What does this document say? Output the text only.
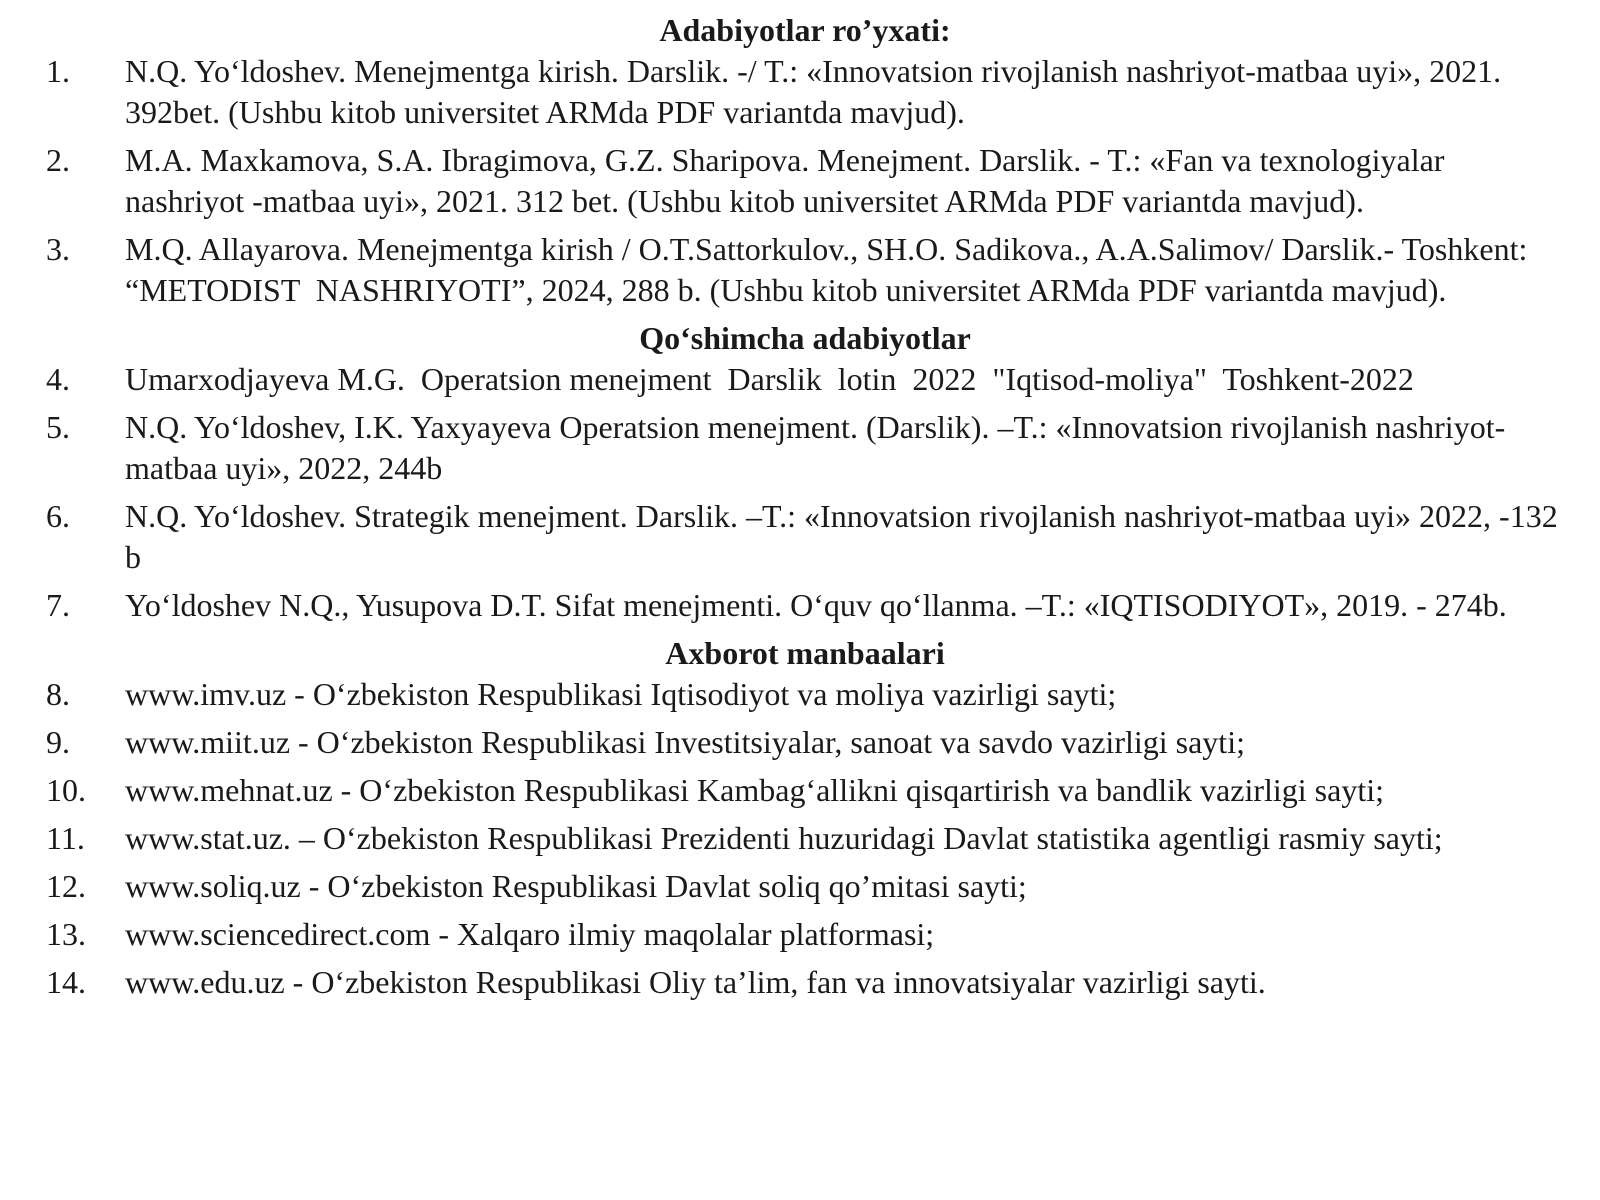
Adabiyotlar ro’yxati:
1.	N.Q. Yoʻldoshev. Menejmentga kirish. Darslik. -/ T.: «Innovatsion rivojlanish nashriyot-matbaa uyi», 2021. 392bet. (Ushbu kitob universitet ARMda PDF variantda mavjud).
2.	M.A. Maxkamova, S.A. Ibragimova, G.Z. Sharipova. Menejment. Darslik. - T.: «Fan va texnologiyalar nashriyot -matbaa uyi», 2021. 312 bet. (Ushbu kitob universitet ARMda PDF variantda mavjud).
3.	M.Q. Allayarova. Menejmentga kirish / O.T.Sattorkulov., SH.O. Sadikova., A.A.Salimov/ Darslik.- Toshkent: “METODIST  NASHRIYOTI”, 2024, 288 b. (Ushbu kitob universitet ARMda PDF variantda mavjud).
Qoʻshimcha adabiyotlar
4.	Umarxodjayeva M.G.  Operatsion menejment  Darslik  lotin  2022  "Iqtisod-moliya"  Toshkent-2022
5.	N.Q. Yoʻldoshev, I.K. Yaxyayeva Operatsion menejment. (Darslik). –T.: «Innovatsion rivojlanish nashriyot-matbaa uyi», 2022, 244b
6.	N.Q. Yoʻldoshev. Strategik menejment. Darslik. –T.: «Innovatsion rivojlanish nashriyot-matbaa uyi» 2022, -132 b
7.	Yoʻldoshev N.Q., Yusupova D.T. Sifat menejmenti. Oʻquv qoʻllanma. –T.: «IQTISODIYOT», 2019. - 274b.
Axborot manbaalari
8.	www.imv.uz - Oʻzbekiston Respublikasi Iqtisodiyot va moliya vazirligi sayti;
9.	www.miit.uz - Oʻzbekiston Respublikasi Investitsiyalar, sanoat va savdo vazirligi sayti;
10.	www.mehnat.uz - Oʻzbekiston Respublikasi Kambagʻallikni qisqartirish va bandlik vazirligi sayti;
11.	www.stat.uz. – Oʻzbekiston Respublikasi Prezidenti huzuridagi Davlat statistika agentligi rasmiy sayti;
12.	www.soliq.uz - Oʻzbekiston Respublikasi Davlat soliq qo’mitasi sayti;
13.	www.sciencedirect.com - Xalqaro ilmiy maqolalar platformasi;
14.	www.edu.uz - Oʻzbekiston Respublikasi Oliy ta’lim, fan va innovatsiyalar vazirligi sayti.
